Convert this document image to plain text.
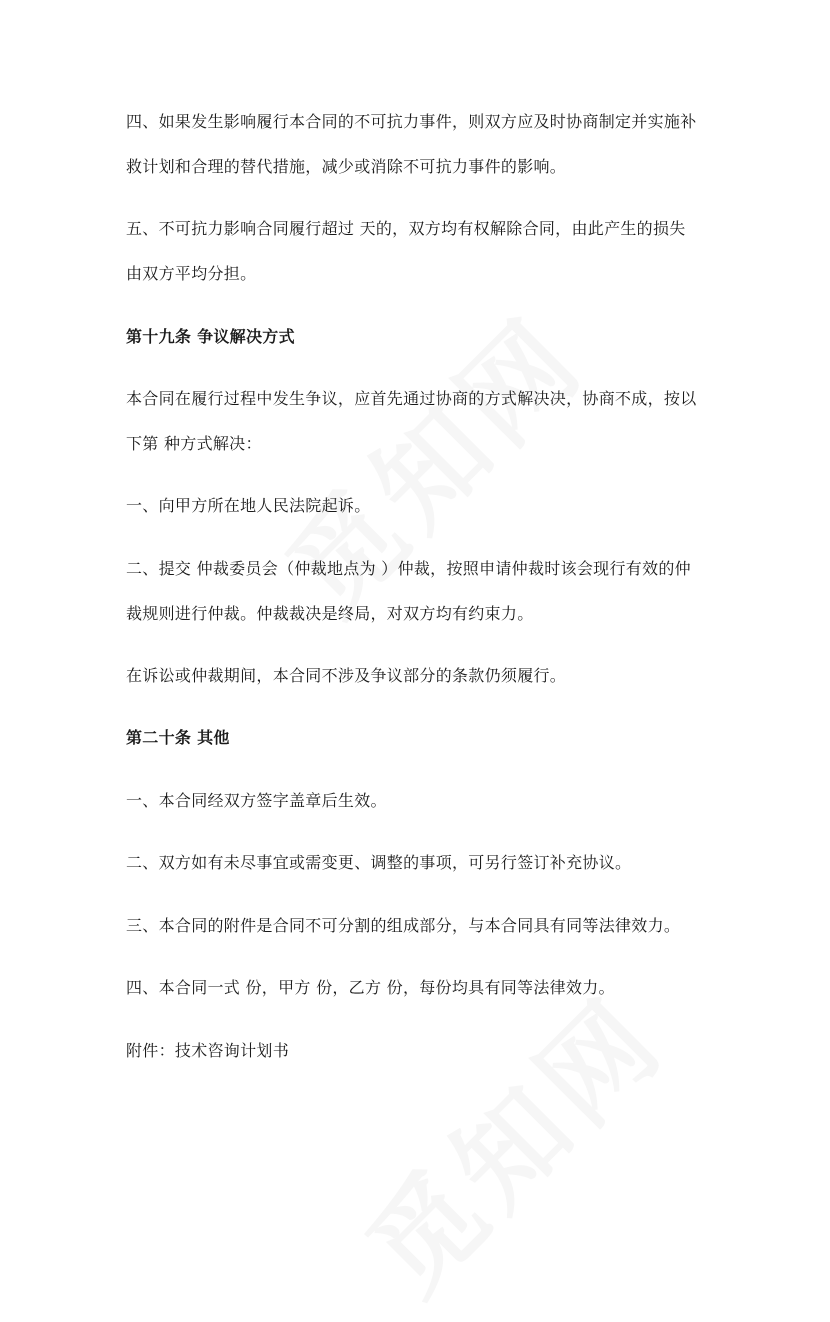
四、如果发生影响履行本合同的不可抗力事件，则双方应及时协商制定并实施补
救计划和合理的替代措施，减少或消除不可抗力事件的影响。
五、不可抗力影响合同履行超过 天的，双方均有权解除合同，由此产生的损失
由双方平均分担。
第十九条 争议解决方式
本合同在履行过程中发生争议，应首先通过协商的方式解决决，协商不成，按以
下第 种方式解决：
一、向甲方所在地人民法院起诉。
二、提交 仲裁委员会（仲裁地点为 ）仲裁，按照申请仲裁时该会现行有效的仲
裁规则进行仲裁。仲裁裁决是终局，对双方均有约束力。
在诉讼或仲裁期间，本合同不涉及争议部分的条款仍须履行。
第二十条 其他
一、本合同经双方签字盖章后生效。
二、双方如有未尽事宜或需变更、调整的事项，可另行签订补充协议。
三、本合同的附件是合同不可分割的组成部分，与本合同具有同等法律效力。
四、本合同一式 份，甲方 份，乙方 份，每份均具有同等法律效力。
附件：技术咨询计划书
